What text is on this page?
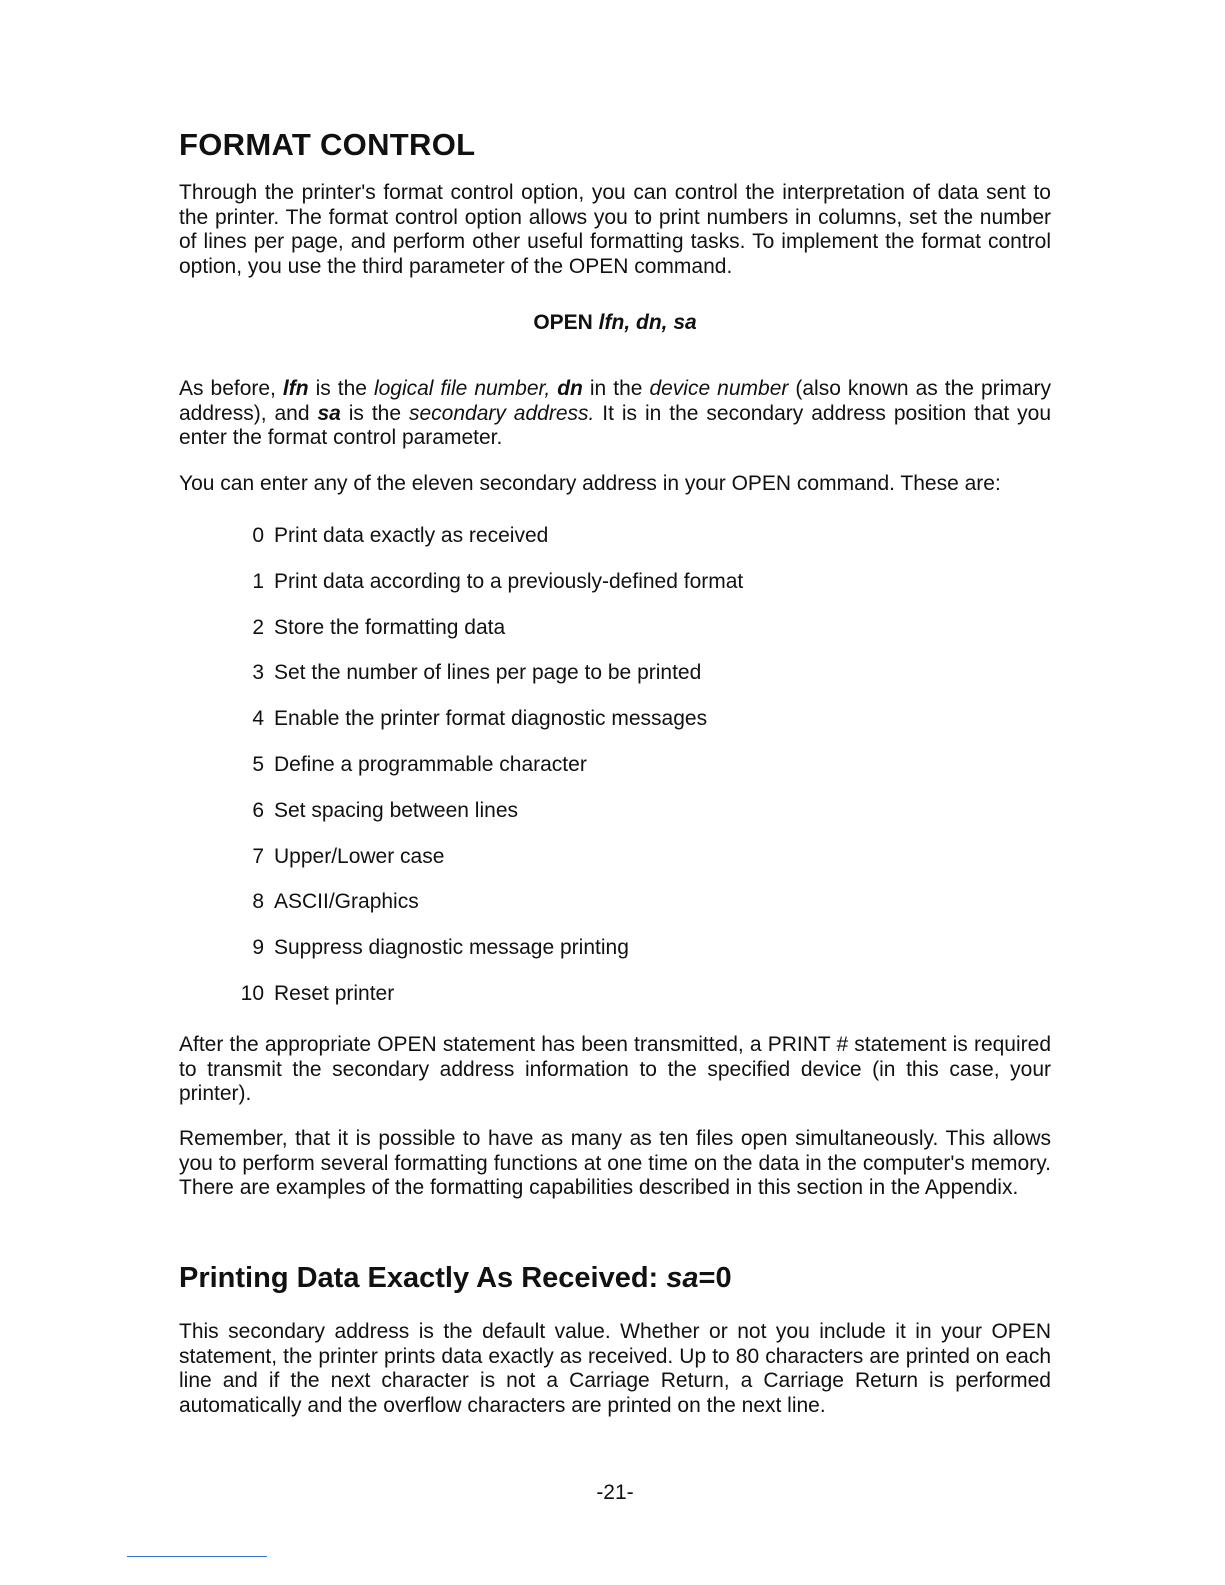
FORMAT CONTROL

Through the printer's format control option, you can control the interpretation of data sent to the printer. The format control option allows you to print numbers in columns, set the number of lines per page, and perform other useful formatting tasks. To implement the format control option, you use the third parameter of the OPEN command.

OPEN lfn, dn, sa

As before, lfn is the logical file number, dn in the device number (also known as the primary address), and sa is the secondary address. It is in the secondary address position that you enter the format control parameter.

You can enter any of the eleven secondary address in your OPEN command. These are:

0 Print data exactly as received
1 Print data according to a previously-defined format
2 Store the formatting data
3 Set the number of lines per page to be printed
4 Enable the printer format diagnostic messages
5 Define a programmable character
6 Set spacing between lines
7 Upper/Lower case
8 ASCII/Graphics
9 Suppress diagnostic message printing
10 Reset printer

After the appropriate OPEN statement has been transmitted, a PRINT # statement is required to transmit the secondary address information to the specified device (in this case, your printer).

Remember, that it is possible to have as many as ten files open simultaneously. This allows you to perform several formatting functions at one time on the data in the computer's memory. There are examples of the formatting capabilities described in this section in the Appendix.

Printing Data Exactly As Received: sa=0

This secondary address is the default value. Whether or not you include it in your OPEN statement, the printer prints data exactly as received. Up to 80 characters are printed on each line and if the next character is not a Carriage Return, a Carriage Return is performed automatically and the overflow characters are printed on the next line.

-21-
